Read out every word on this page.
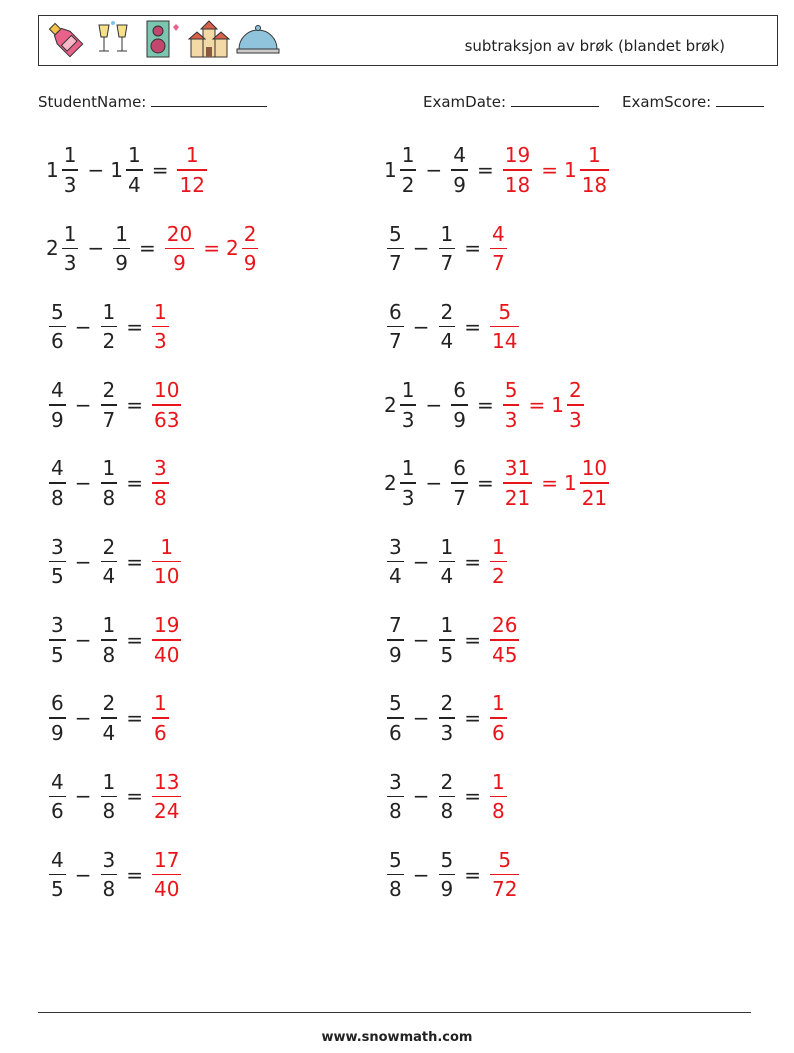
subtraksjon av brøk (blandet brøk)
StudentName:	ExamDate:	ExamScore:
$1 \frac{1}{3} - 1 \frac{1}{4} = \frac{1}{12}$
$2 \frac{1}{3} - \frac{1}{9} = \frac{20}{9} = 2 \frac{2}{9}$
$\frac{5}{6} - \frac{1}{2} = \frac{1}{3}$
$\frac{4}{9} - \frac{2}{7} = \frac{10}{63}$
$\frac{4}{8} - \frac{1}{8} = \frac{3}{8}$
$\frac{3}{5} - \frac{2}{4} = \frac{1}{10}$
$\frac{3}{5} - \frac{1}{8} = \frac{19}{40}$
$\frac{6}{9} - \frac{2}{4} = \frac{1}{6}$
$\frac{4}{6} - \frac{1}{8} = \frac{13}{24}$
$\frac{4}{5} - \frac{3}{8} = \frac{17}{40}$
$1 \frac{1}{2} - \frac{4}{9} = \frac{19}{18} = 1 \frac{1}{18}$
$\frac{5}{7} - \frac{1}{7} = \frac{4}{7}$
$\frac{6}{7} - \frac{2}{4} = \frac{5}{14}$
$2 \frac{1}{3} - \frac{6}{9} = \frac{5}{3} = 1 \frac{2}{3}$
$2 \frac{1}{3} - \frac{6}{7} = \frac{31}{21} = 1 \frac{10}{21}$
$\frac{3}{4} - \frac{1}{4} = \frac{1}{2}$
$\frac{7}{9} - \frac{1}{5} = \frac{26}{45}$
$\frac{5}{6} - \frac{2}{3} = \frac{1}{6}$
$\frac{3}{8} - \frac{2}{8} = \frac{1}{8}$
$\frac{5}{8} - \frac{5}{9} = \frac{5}{72}$
www.snowmath.com
